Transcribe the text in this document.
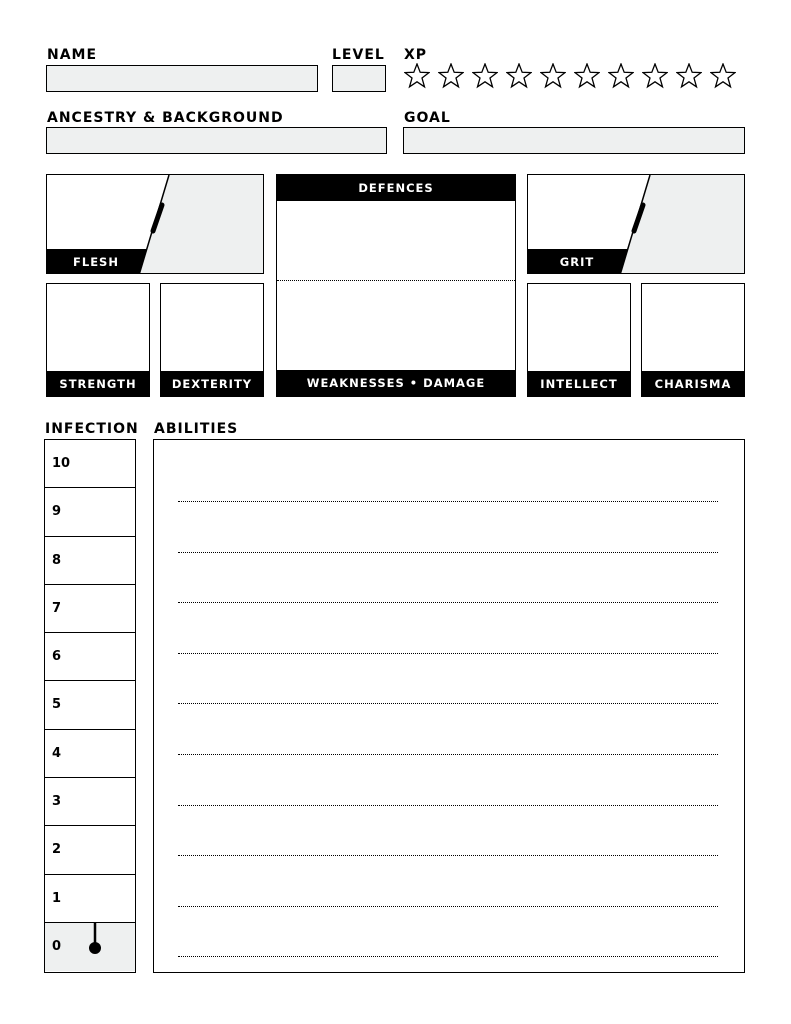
NAME	LEVEL XP
ANCESTRY & BACKGROUND	GOAL
FLESH
DEFENCES
WEAKNESSES • DAMAGE
GRIT
STRENGTH	DEXTERITY	INTELLECT	CHARISMA
INFECTION
10
9
8
7
6
5
4
3
2
1
0
ABILITIES
